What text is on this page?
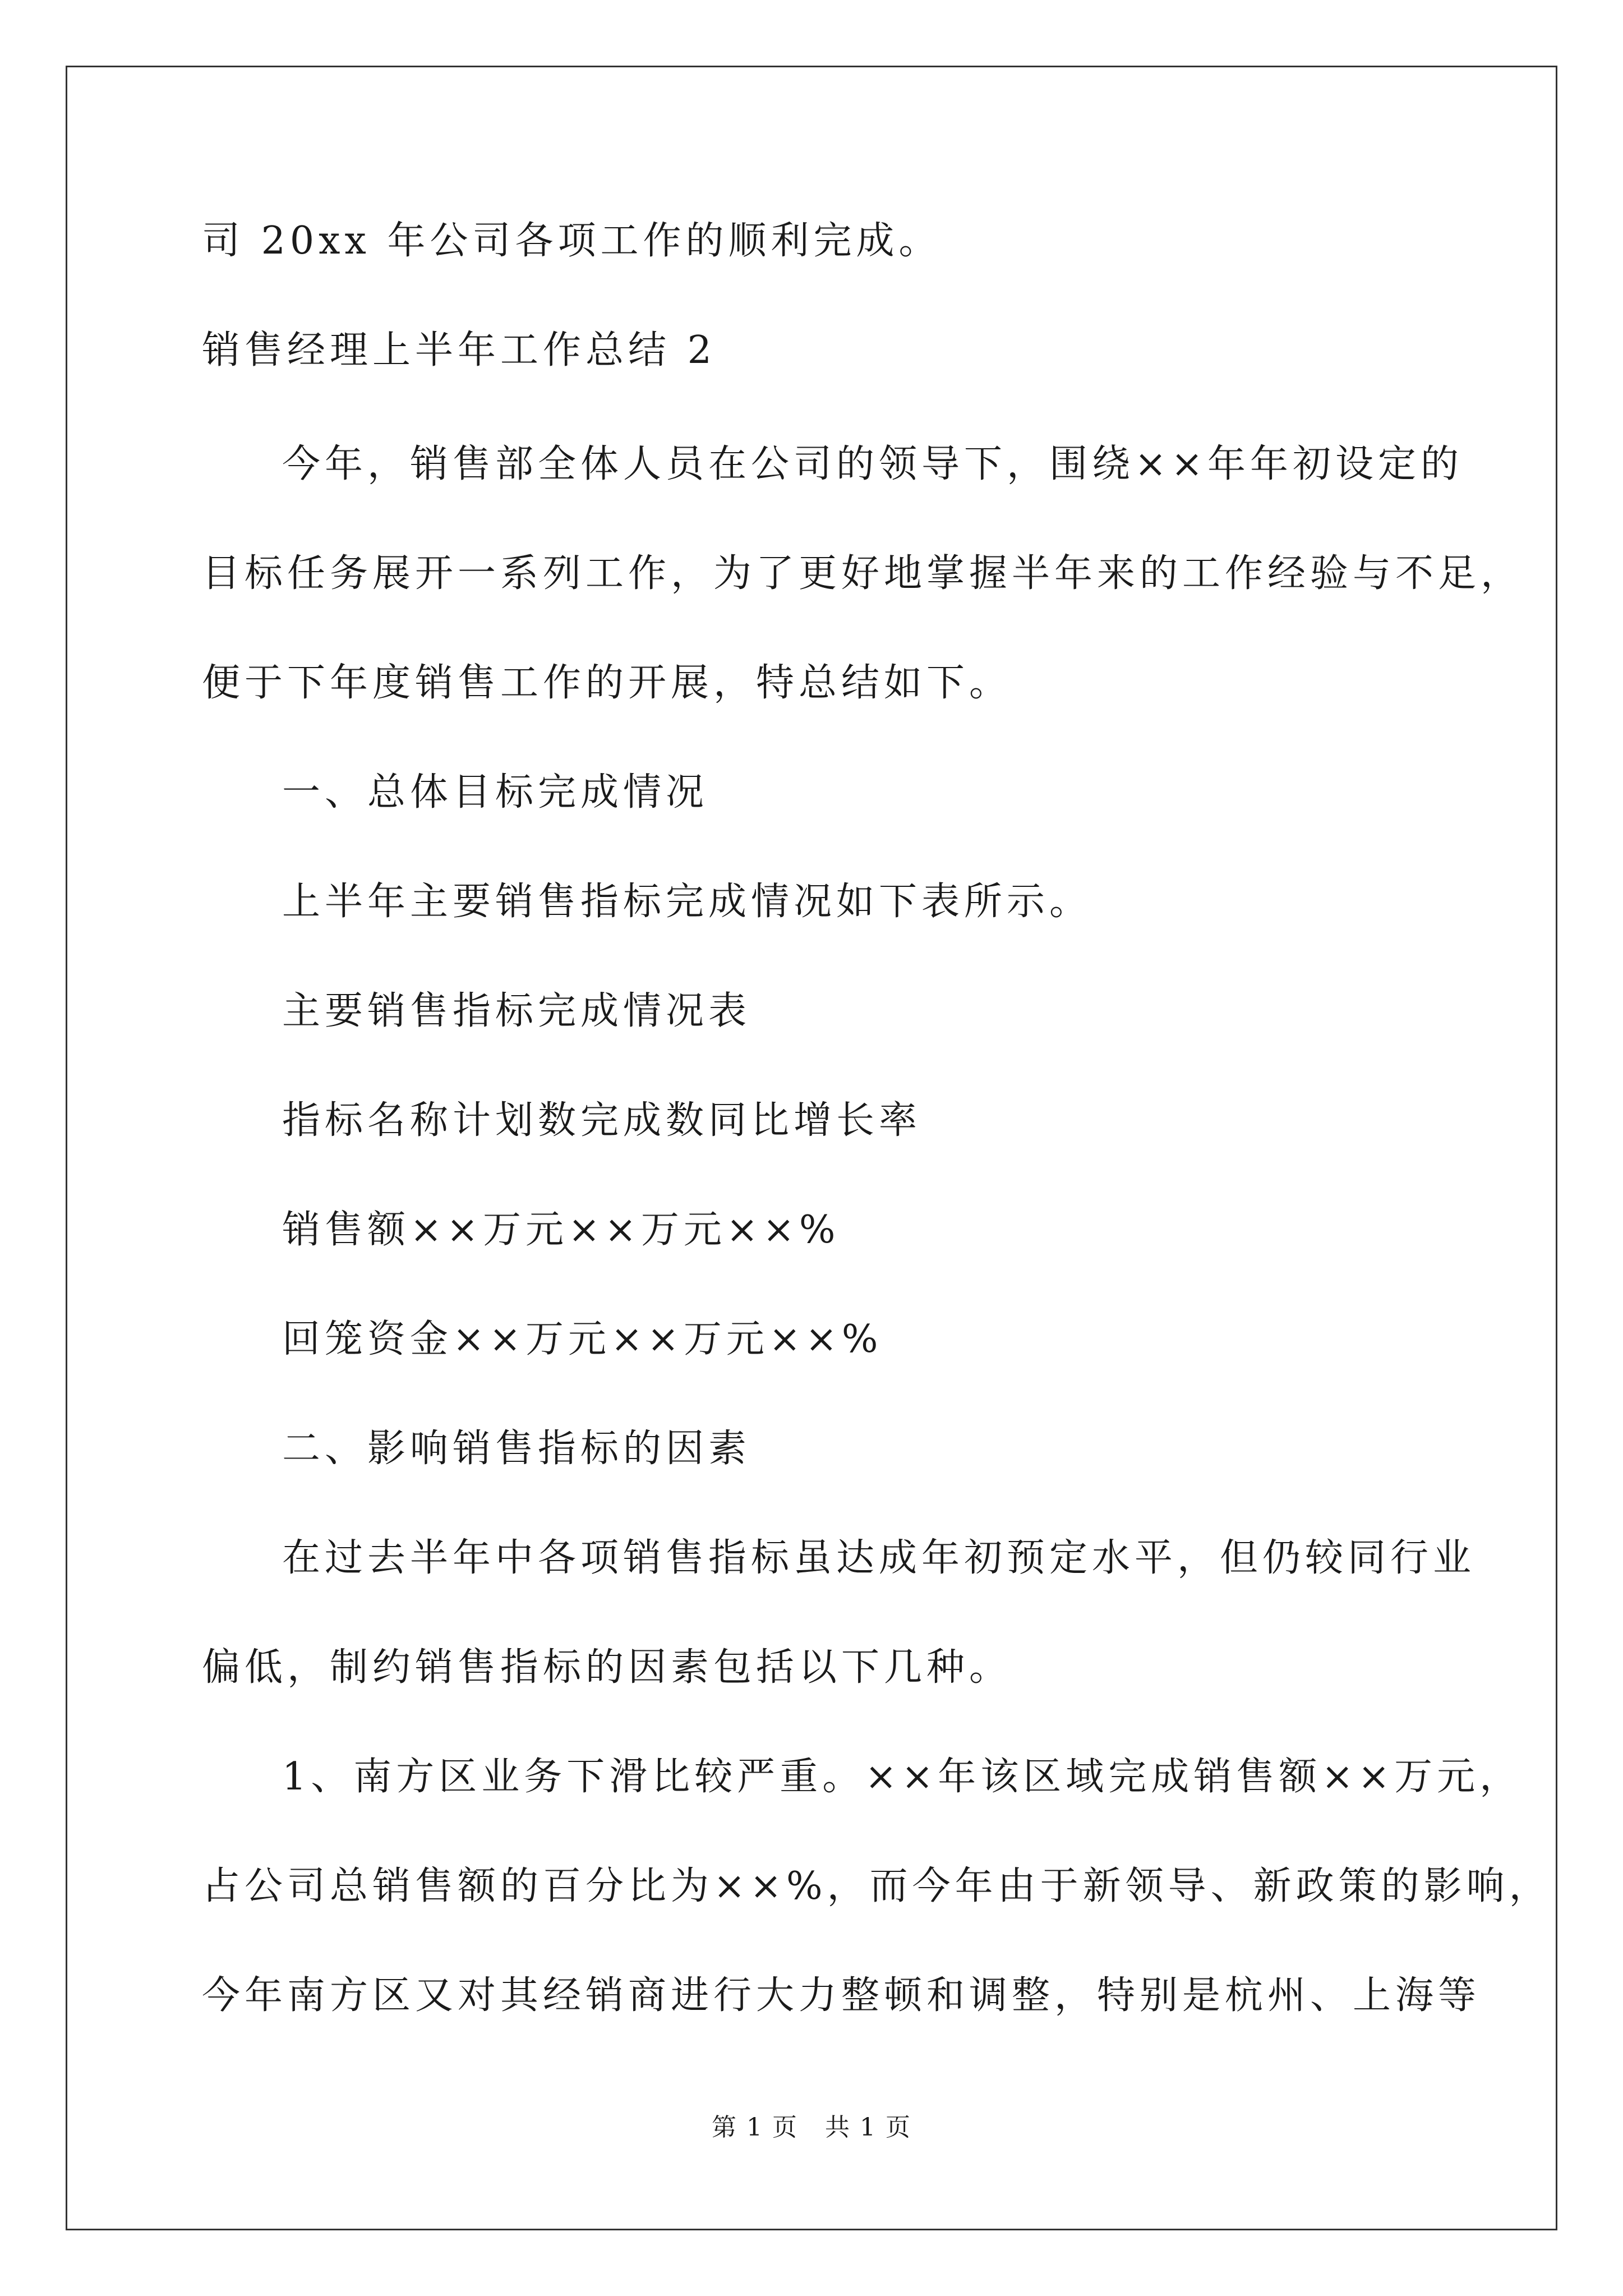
司 20xx 年公司各项工作的顺利完成。
销售经理上半年工作总结 2
今年，销售部全体人员在公司的领导下，围绕××年年初设定的
目标任务展开一系列工作，为了更好地掌握半年来的工作经验与不足，
便于下年度销售工作的开展，特总结如下。
一、总体目标完成情况
上半年主要销售指标完成情况如下表所示。
主要销售指标完成情况表
指标名称计划数完成数同比增长率
销售额××万元××万元××%
回笼资金××万元××万元××%
二、影响销售指标的因素
在过去半年中各项销售指标虽达成年初预定水平，但仍较同行业
偏低，制约销售指标的因素包括以下几种。
1、南方区业务下滑比较严重。××年该区域完成销售额××万元，
占公司总销售额的百分比为××%，而今年由于新领导、新政策的影响，
今年南方区又对其经销商进行大力整顿和调整，特别是杭州、上海等
第 1 页 共 1 页
